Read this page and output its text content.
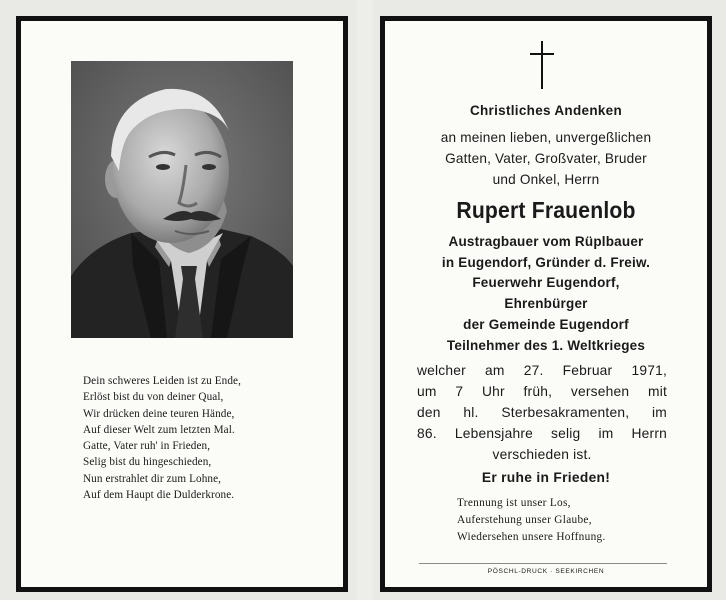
Dein schweres Leiden ist zu Ende,
Erlöst bist du von deiner Qual,
Wir drücken deine teuren Hände,
Auf dieser Welt zum letzten Mal.
Gatte, Vater ruh' in Frieden,
Selig bist du hingeschieden,
Nun erstrahlet dir zum Lohne,
Auf dem Haupt die Dulderkrone.
Christliches Andenken
an meinen lieben, unvergeßlichen
Gatten, Vater, Großvater, Bruder
und Onkel, Herrn
Rupert Frauenlob
Austragbauer vom Rüplbauer
in Eugendorf, Gründer d. Freiw.
Feuerwehr Eugendorf,
Ehrenbürger
der Gemeinde Eugendorf
Teilnehmer des 1. Weltkrieges
welcher am 27. Februar 1971,
um 7 Uhr früh, versehen mit
den hl. Sterbesakramenten, im
86. Lebensjahre selig im Herrn
verschieden ist.
Er ruhe in Frieden!
Trennung ist unser Los,
Auferstehung unser Glaube,
Wiedersehen unsere Hoffnung.
PÖSCHL-DRUCK · SEEKIRCHEN
